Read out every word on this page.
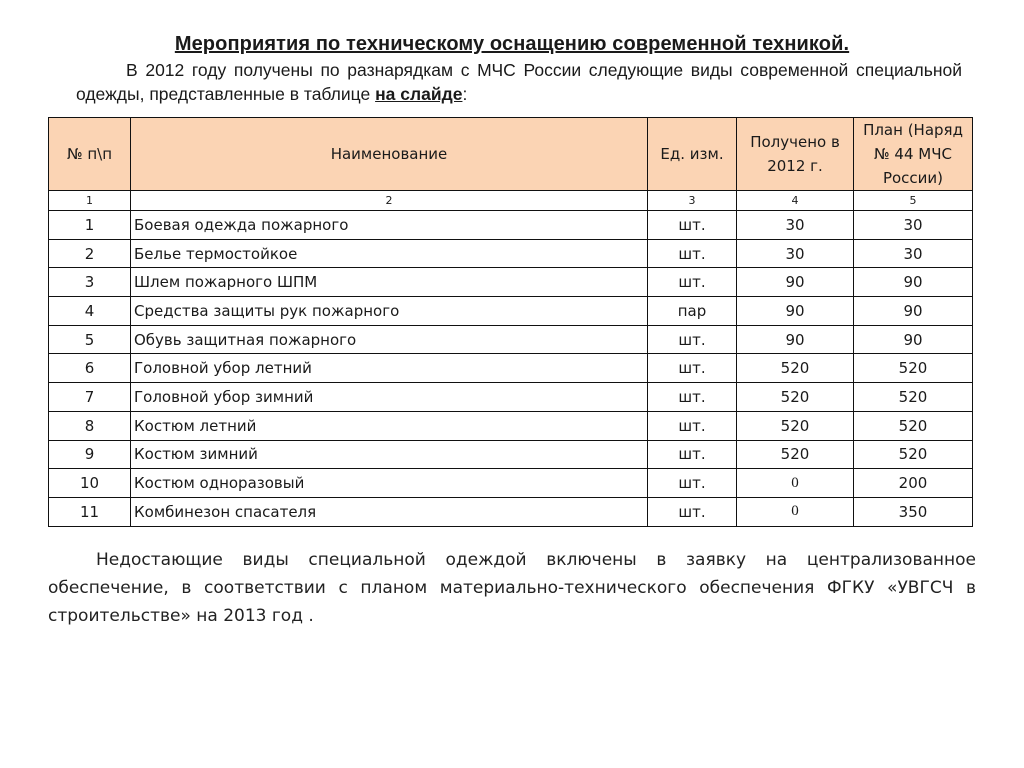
Мероприятия по техническому оснащению современной техникой.
В 2012 году получены по разнарядкам с МЧС России следующие виды современной специальной одежды, представленные в таблице на слайде:
№ п\п	Наименование	Ед. изм.	Получено в 2012 г.	План (Наряд № 44 МЧС России)
1	2	3	4	5
1	Боевая одежда пожарного	шт.	30	30
2	Белье термостойкое	шт.	30	30
3	Шлем пожарного ШПМ	шт.	90	90
4	Средства защиты рук пожарного	пар	90	90
5	Обувь защитная пожарного	шт.	90	90
6	Головной убор летний	шт.	520	520
7	Головной убор зимний	шт.	520	520
8	Костюм летний	шт.	520	520
9	Костюм зимний	шт.	520	520
10	Костюм одноразовый	шт.	0	200
11	Комбинезон спасателя	шт.	0	350
Недостающие виды специальной одеждой включены в заявку на централизованное обеспечение, в соответствии с планом материально-технического обеспечения ФГКУ «УВГСЧ в строительстве» на 2013 год .
